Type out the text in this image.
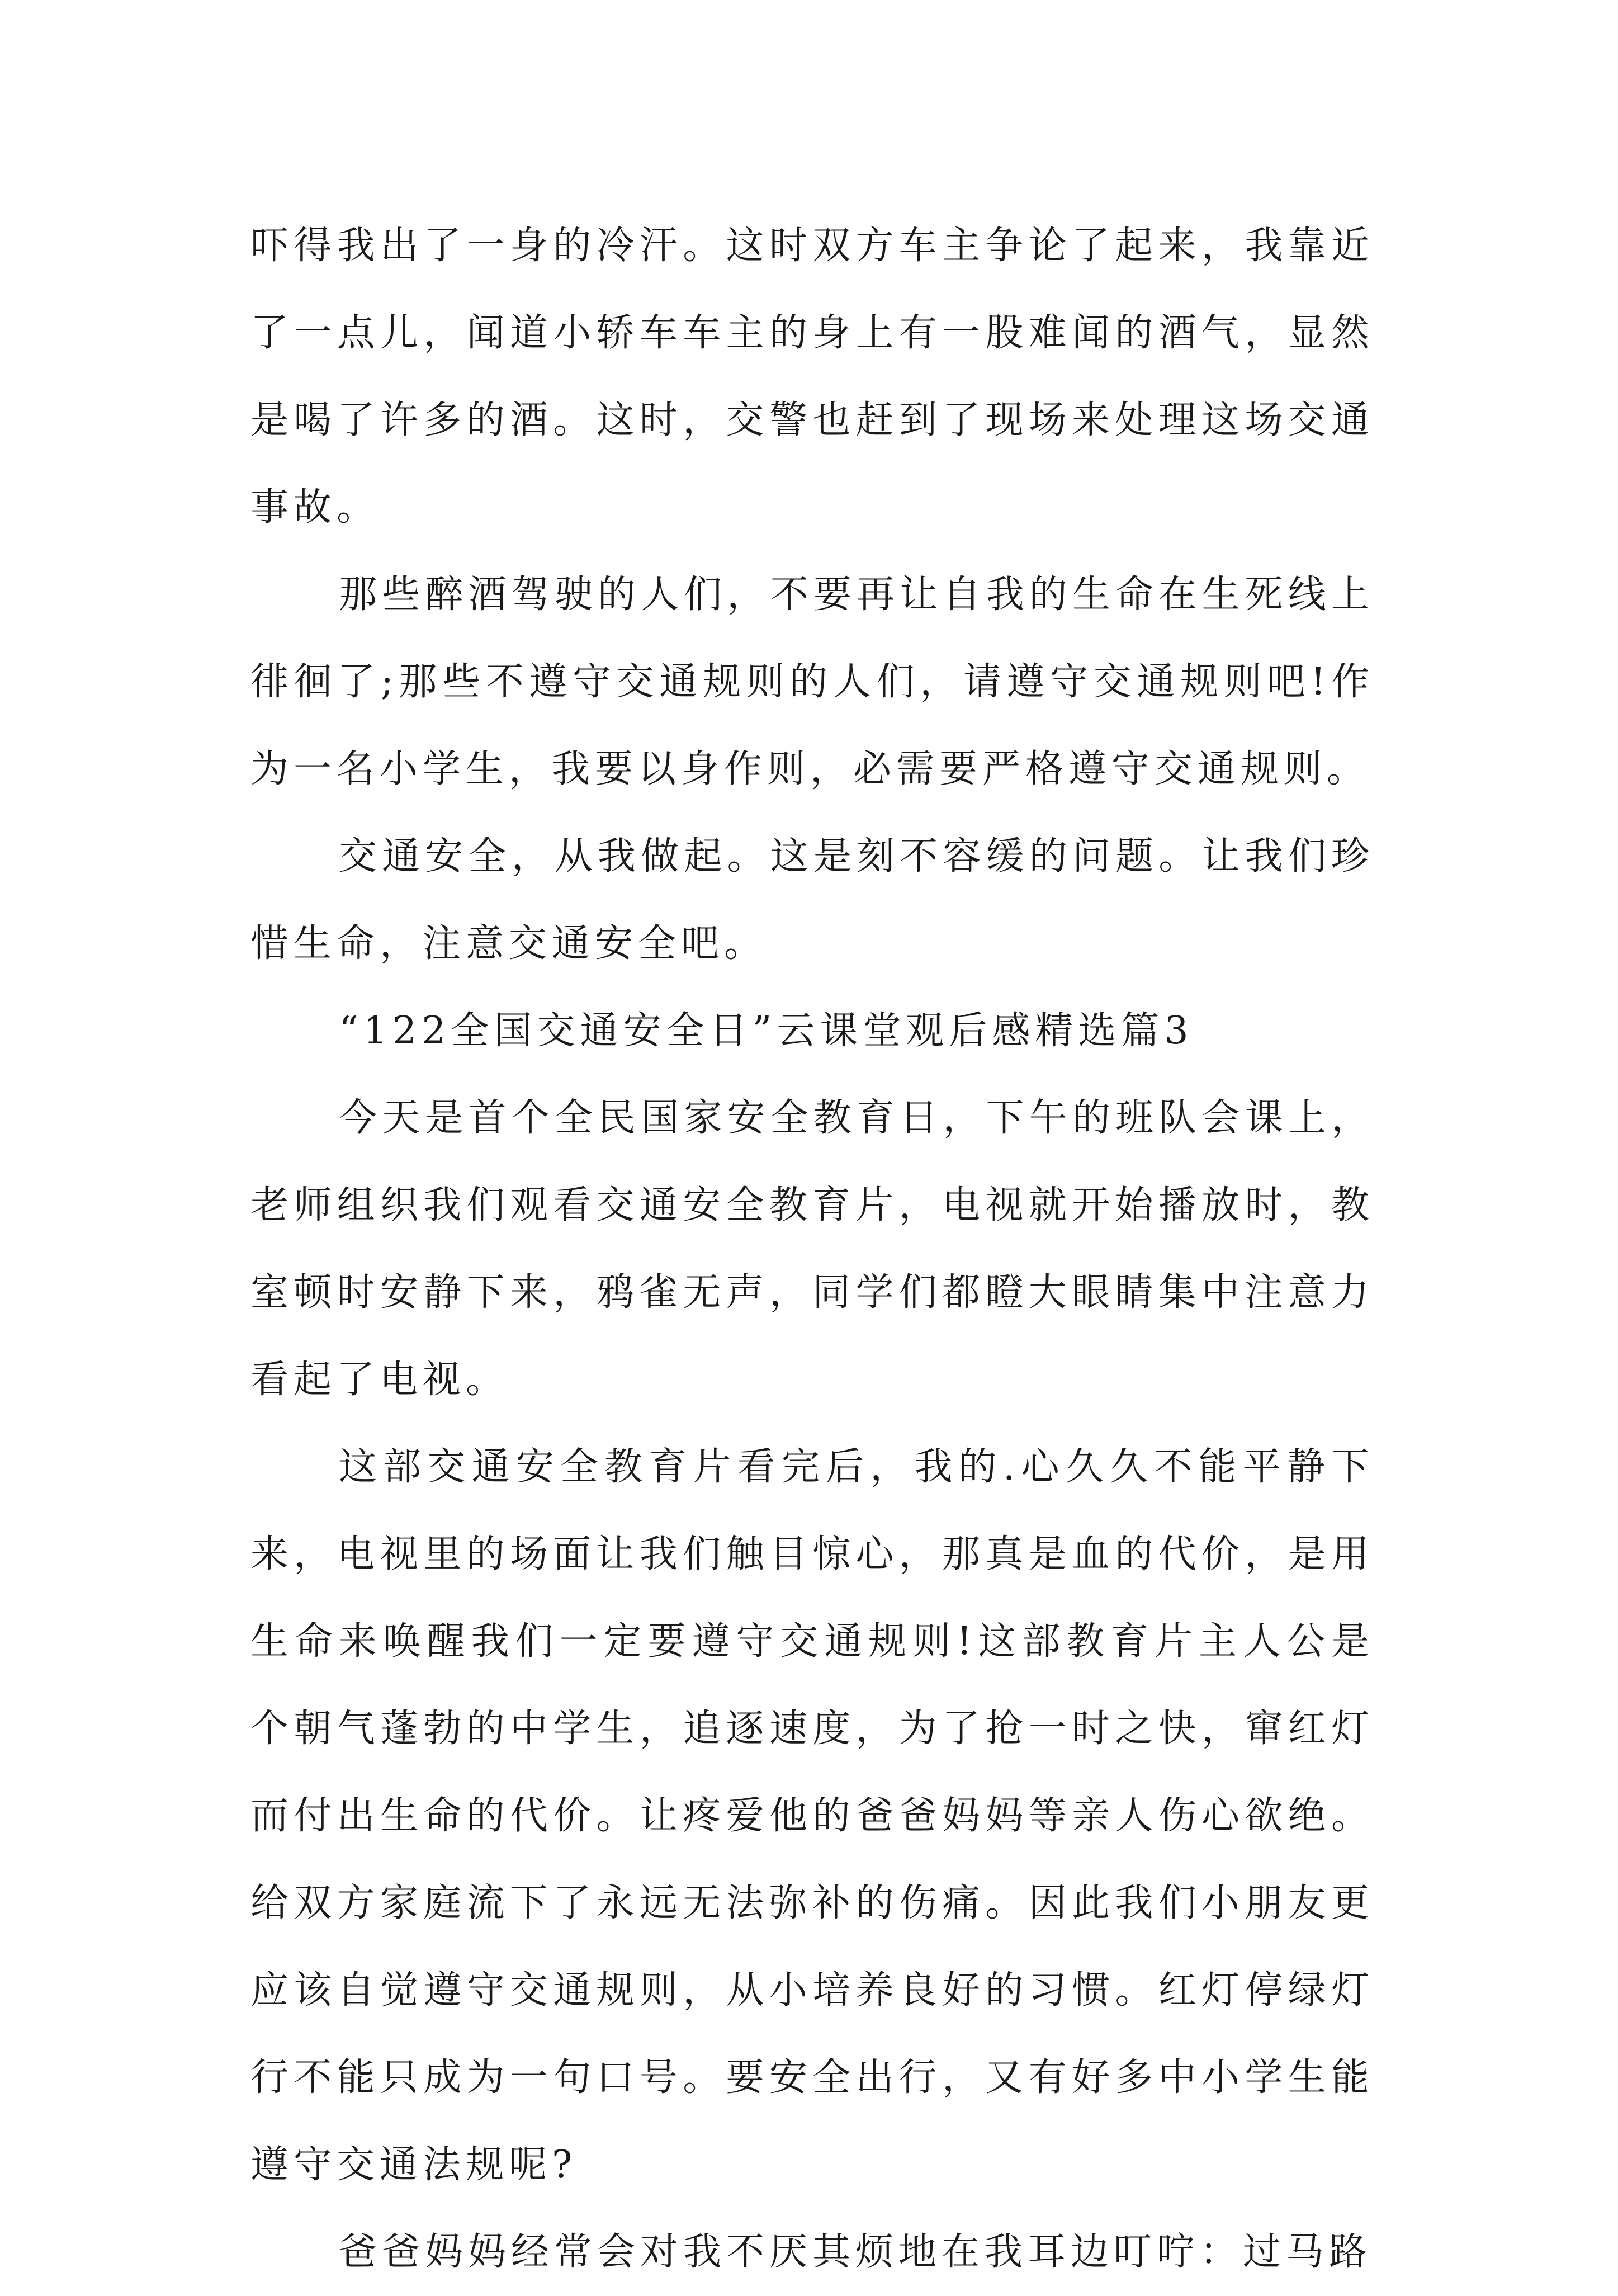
吓得我出了一身的冷汗。这时双方车主争论了起来，我靠近了一点儿，闻道小轿车车主的身上有一股难闻的酒气，显然是喝了许多的酒。这时，交警也赶到了现场来处理这场交通事故。

那些醉酒驾驶的人们，不要再让自我的生命在生死线上徘徊了;那些不遵守交通规则的人们，请遵守交通规则吧!作为一名小学生，我要以身作则，必需要严格遵守交通规则。

交通安全，从我做起。这是刻不容缓的问题。让我们珍惜生命，注意交通安全吧。

“122全国交通安全日”云课堂观后感精选篇3

今天是首个全民国家安全教育日，下午的班队会课上，老师组织我们观看交通安全教育片，电视就开始播放时，教室顿时安静下来，鸦雀无声，同学们都瞪大眼睛集中注意力看起了电视。

这部交通安全教育片看完后，我的.心久久不能平静下来，电视里的场面让我们触目惊心，那真是血的代价，是用生命来唤醒我们一定要遵守交通规则!这部教育片主人公是个朝气蓬勃的中学生，追逐速度，为了抢一时之快，窜红灯而付出生命的代价。让疼爱他的爸爸妈妈等亲人伤心欲绝。给双方家庭流下了永远无法弥补的伤痛。因此我们小朋友更应该自觉遵守交通规则，从小培养良好的习惯。红灯停绿灯行不能只成为一句口号。要安全出行，又有好多中小学生能遵守交通法规呢?

爸爸妈妈经常会对我不厌其烦地在我耳边叮咛：过马路
